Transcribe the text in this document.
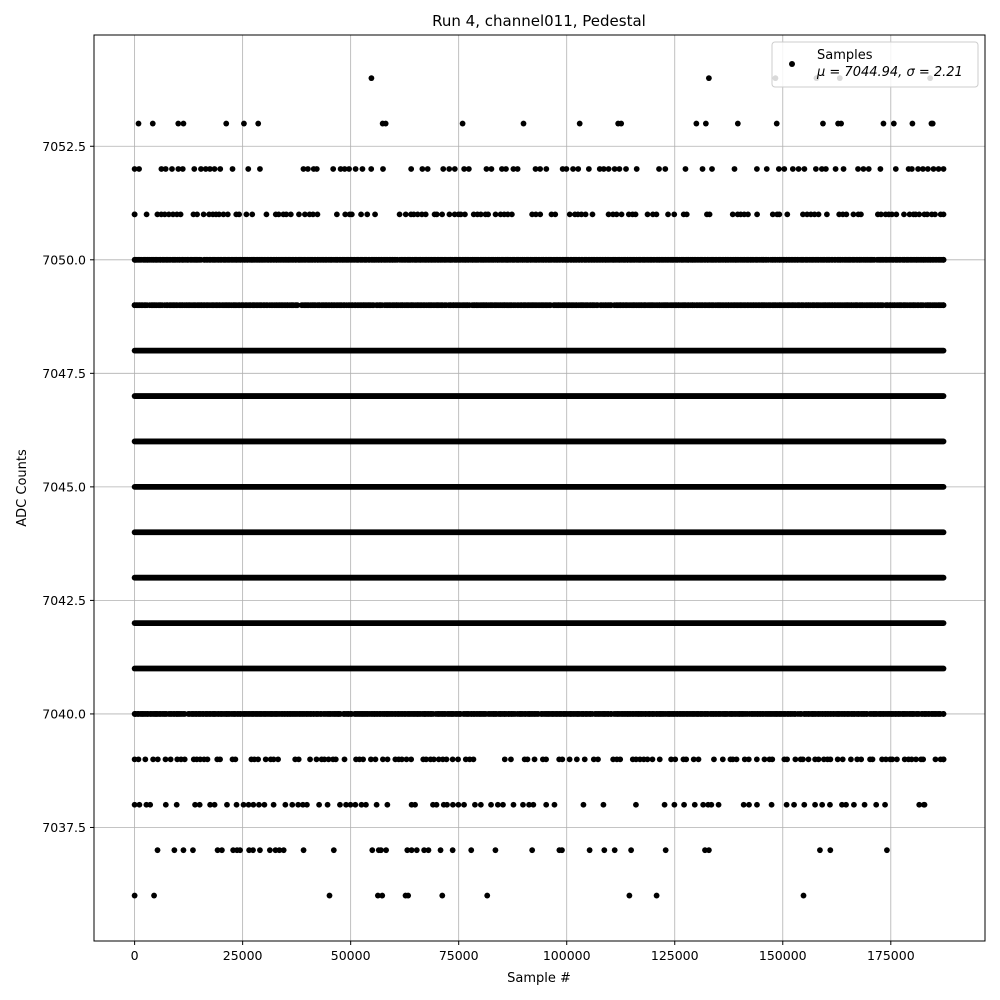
Run 4, channel011, Pedestal
0	25000	50000	75000	100000	125000	150000	175000
7037.5
7040.0
7042.5
7045.0
7047.5
7050.0
7052.5
Sample #
ADC Counts
Samples
μ = 7044.94, σ = 2.21
